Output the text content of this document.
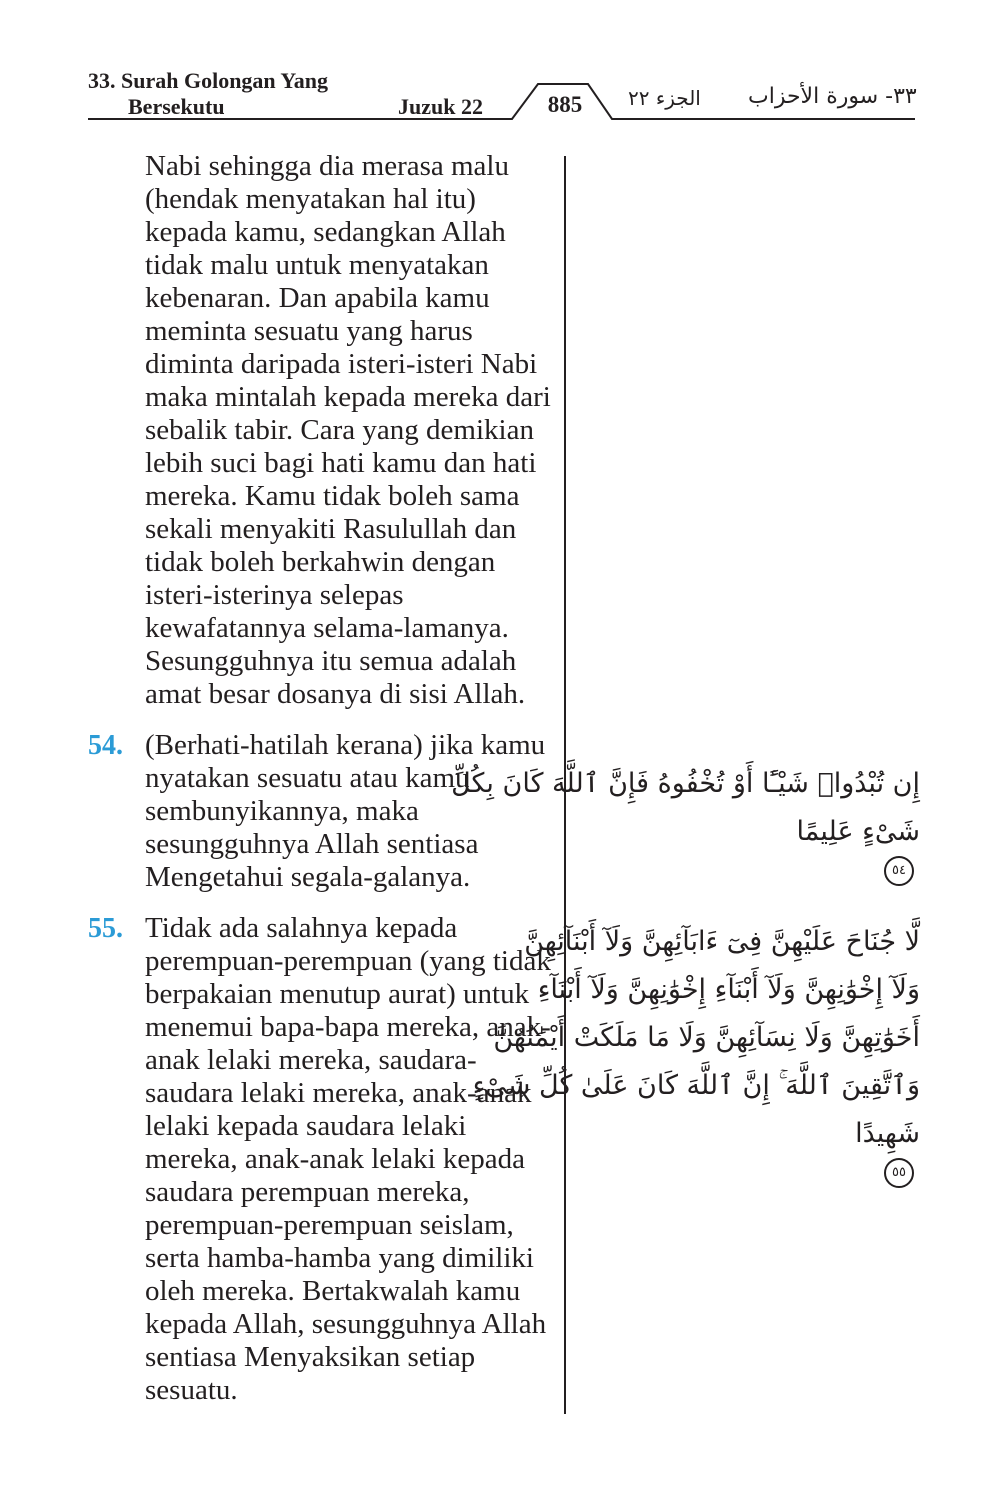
33. Surah Golongan Yang
Bersekutu	Juzuk 22	885	الجزء ٢٢ ٣٣- سورة الأحزاب
Nabi sehingga dia merasa malu (hendak menyatakan hal itu) kepada kamu, sedangkan Allah tidak malu untuk menyatakan kebenaran. Dan apabila kamu meminta sesuatu yang harus diminta daripada isteri-isteri Nabi maka mintalah kepada mereka dari sebalik tabir. Cara yang demikian lebih suci bagi hati kamu dan hati mereka. Kamu tidak boleh sama sekali menyakiti Rasulullah dan tidak boleh berkahwin dengan isteri-isterinya selepas kewafatannya selama-lamanya. Sesungguhnya itu semua adalah amat besar dosanya di sisi Allah.
54. (Berhati-hatilah kerana) jika kamu nyatakan sesuatu atau kamu sembunyikannya, maka sesungguhnya Allah sentiasa Mengetahui segala-galanya.
55. Tidak ada salahnya kepada perempuan-perempuan (yang tidak berpakaian menutup aurat) untuk menemui bapa-bapa mereka, anak-anak lelaki mereka, saudara-saudara lelaki mereka, anak-anak lelaki kepada saudara lelaki mereka, anak-anak lelaki kepada saudara perempuan mereka, perempuan-perempuan seislam, serta hamba-hamba yang dimiliki oleh mereka. Bertakwalah kamu kepada Allah, sesungguhnya Allah sentiasa Menyaksikan setiap sesuatu.
إِن تُبْدُوا۟ شَيْـًٔا أَوْ تُخْفُوهُ فَإِنَّ ٱللَّهَ كَانَ بِكُلِّ
شَىْءٍ عَلِيمًا
٥٤
لَّا جُنَاحَ عَلَيْهِنَّ فِىٓ ءَابَآئِهِنَّ وَلَآ أَبْنَآئِهِنَّ
وَلَآ إِخْوَٰنِهِنَّ وَلَآ أَبْنَآءِ إِخْوَٰنِهِنَّ وَلَآ أَبْنَآءِ
أَخَوَٰتِهِنَّ وَلَا نِسَآئِهِنَّ وَلَا مَا مَلَكَتْ أَيْمَٰنُهُنَّ
وَٱتَّقِينَ ٱللَّهَ ۚ إِنَّ ٱللَّهَ كَانَ عَلَىٰ كُلِّ شَىْءٍ
شَهِيدًا
٥٥
